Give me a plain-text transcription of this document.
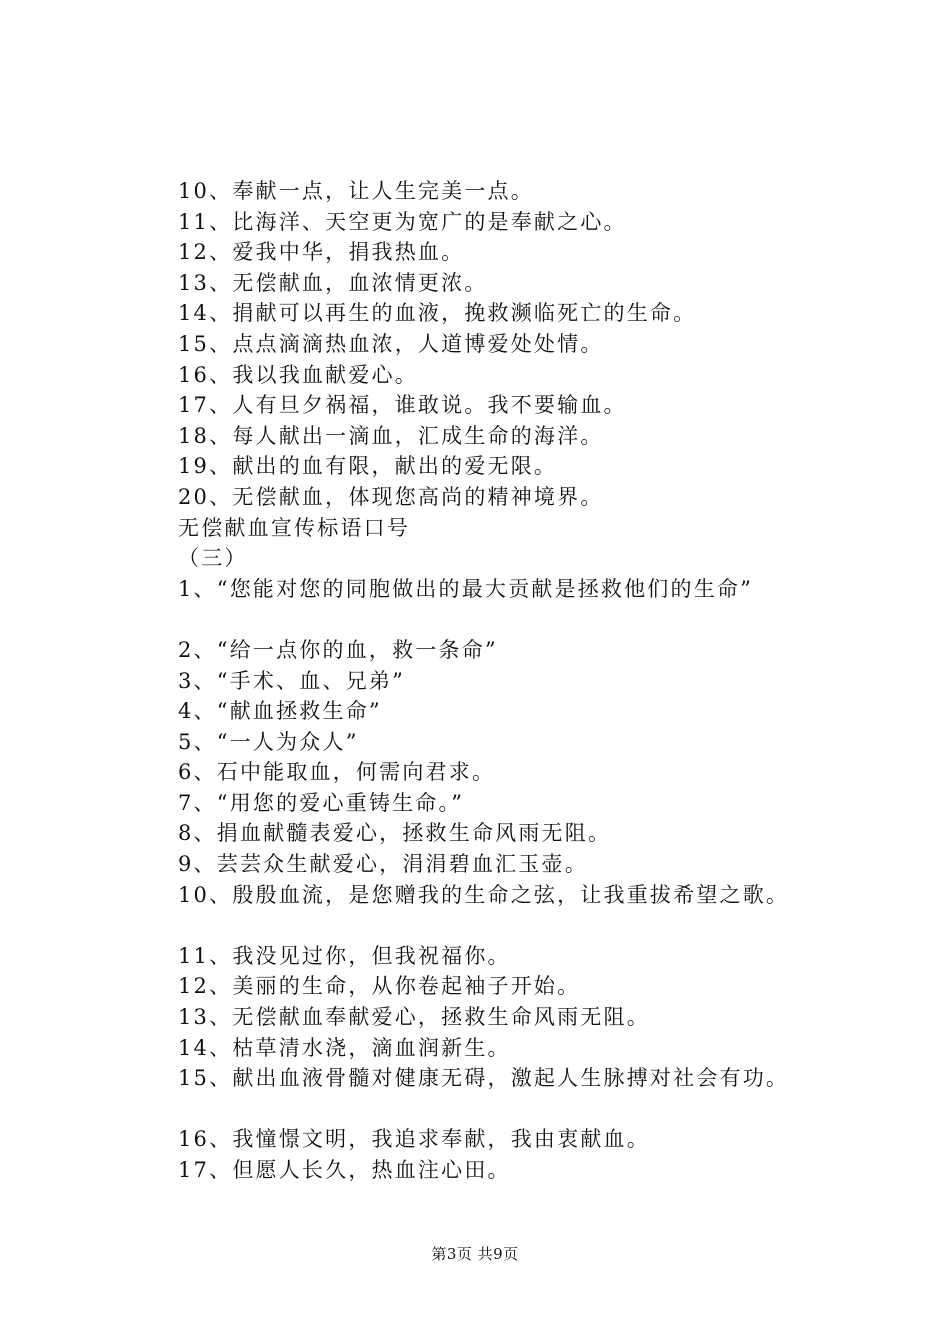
10、奉献一点，让人生完美一点。
11、比海洋、天空更为宽广的是奉献之心。
12、爱我中华，捐我热血。
13、无偿献血，血浓情更浓。
14、捐献可以再生的血液，挽救濒临死亡的生命。
15、点点滴滴热血浓，人道博爱处处情。
16、我以我血献爱心。
17、人有旦夕祸福，谁敢说。我不要输血。
18、每人献出一滴血，汇成生命的海洋。
19、献出的血有限，献出的爱无限。
20、无偿献血，体现您高尚的精神境界。
无偿献血宣传标语口号
（三）
1、“您能对您的同胞做出的最大贡献是拯救他们的生命”
2、“给一点你的血，救一条命”
3、“手术、血、兄弟”
4、“献血拯救生命”
5、“一人为众人”
6、石中能取血，何需向君求。
7、“用您的爱心重铸生命。”
8、捐血献髓表爱心，拯救生命风雨无阻。
9、芸芸众生献爱心，涓涓碧血汇玉壶。
10、殷殷血流，是您赠我的生命之弦，让我重拔希望之歌。
11、我没见过你，但我祝福你。
12、美丽的生命，从你卷起袖子开始。
13、无偿献血奉献爱心，拯救生命风雨无阻。
14、枯草清水浇，滴血润新生。
15、献出血液骨髓对健康无碍，激起人生脉搏对社会有功。
16、我憧憬文明，我追求奉献，我由衷献血。
17、但愿人长久，热血注心田。
第3页 共9页
